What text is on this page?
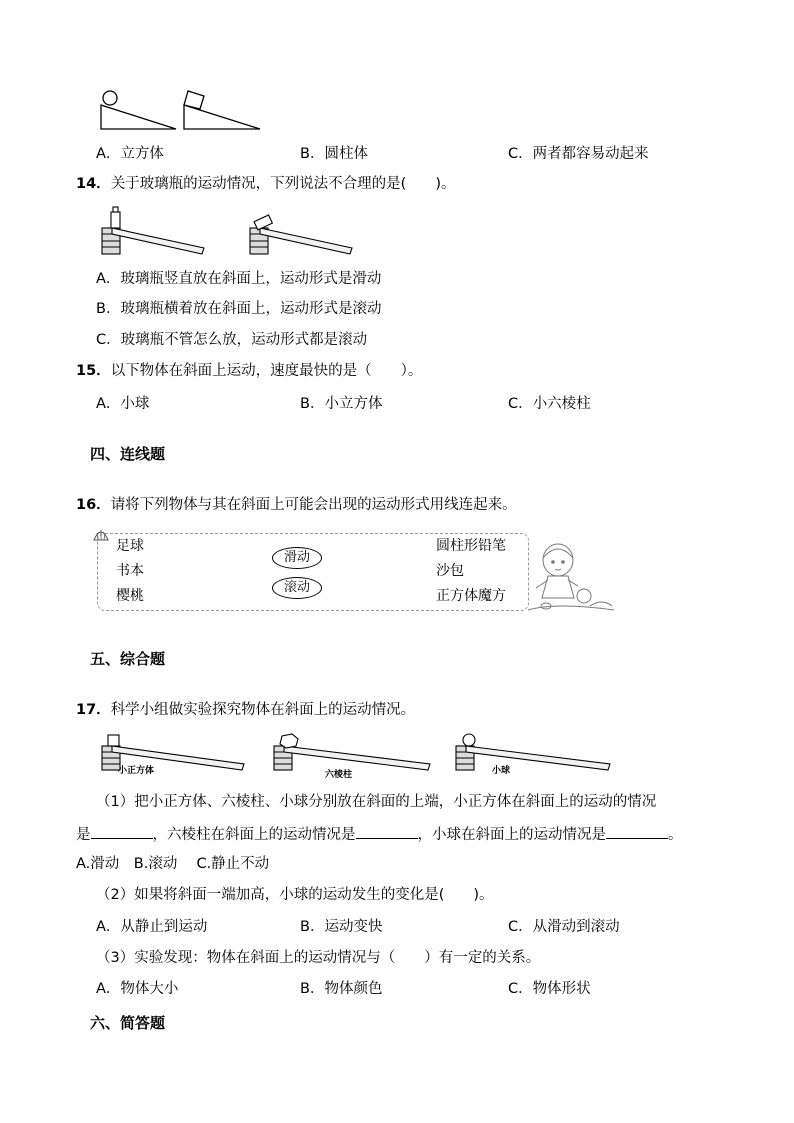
A．立方体	B．圆柱体	C．两者都容易动起来
14．关于玻璃瓶的运动情况，下列说法不合理的是(　　)。
A．玻璃瓶竖直放在斜面上，运动形式是滑动
B．玻璃瓶横着放在斜面上，运动形式是滚动
C．玻璃瓶不管怎么放，运动形式都是滚动
15．以下物体在斜面上运动，速度最快的是（　　）。
A．小球	B．小立方体	C．小六棱柱
四、连线题
16．请将下列物体与其在斜面上可能会出现的运动形式用线连起来。
足球
书本
樱桃
滑动
滚动
圆柱形铅笔
沙包
正方体魔方
五、综合题
17．科学小组做实验探究物体在斜面上的运动情况。
小正方体	六棱柱	小球
（1）把小正方体、六棱柱、小球分别放在斜面的上端，小正方体在斜面上的运动的情况
是	，六棱柱在斜面上的运动情况是	，小球在斜面上的运动情况是	。
A.滑动　B.滚动　 C.静止不动
（2）如果将斜面一端加高，小球的运动发生的变化是(　　)。
A．从静止到运动	B．运动变快	C．从滑动到滚动
（3）实验发现：物体在斜面上的运动情况与（　　）有一定的关系。
A．物体大小	B．物体颜色	C．物体形状
六、简答题
